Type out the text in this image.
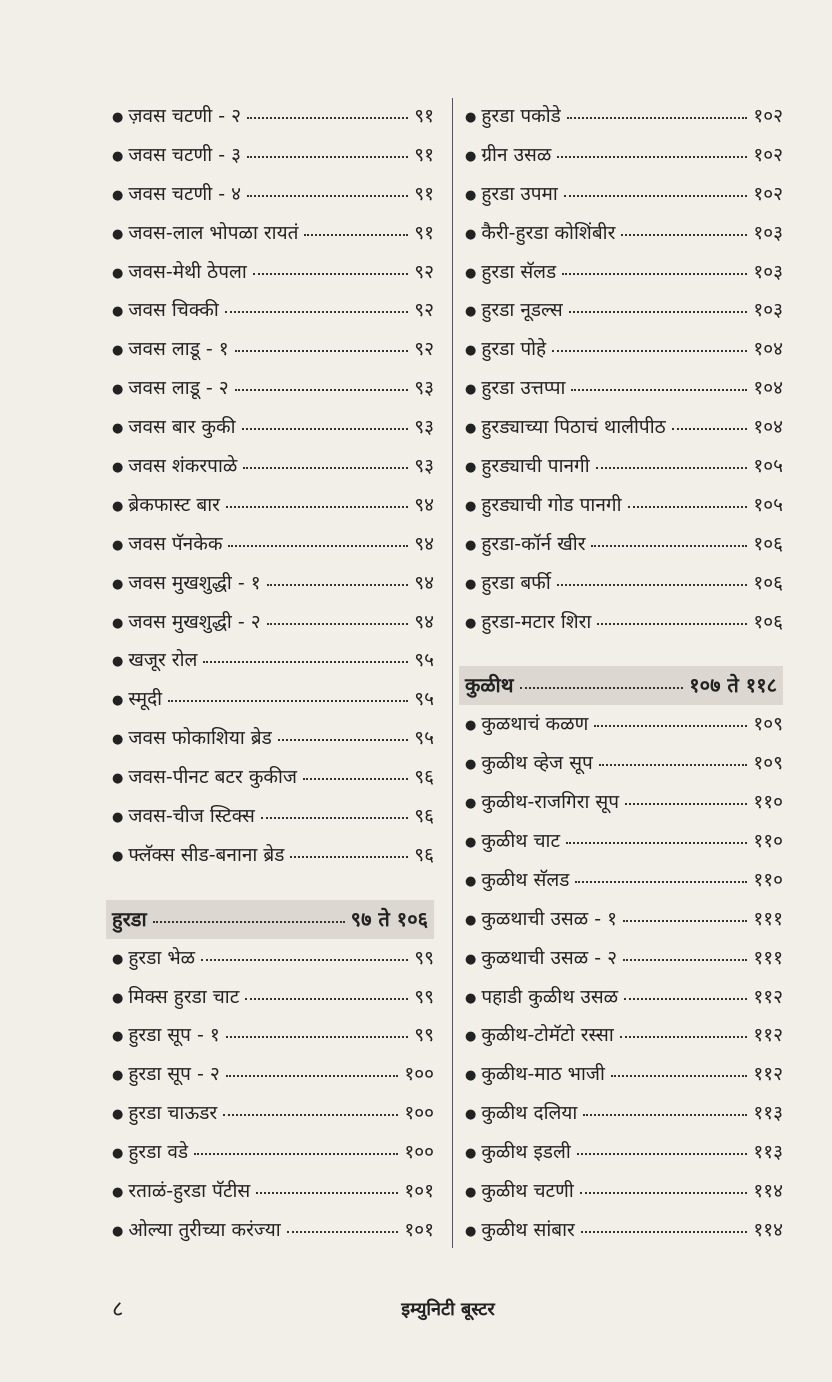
● ज़वस चटणी - २	९१
● जवस चटणी - ३	९१
● जवस चटणी - ४	९१
● जवस-लाल भोपळा रायतं	९१
● जवस-मेथी ठेपला	९२
● जवस चिक्की	९२
● जवस लाडू - १	९२
● जवस लाडू - २	९३
● जवस बार कुकी	९३
● जवस शंकरपाळे	९३
● ब्रेकफास्ट बार	९४
● जवस पॅनकेक	९४
● जवस मुखशुद्धी - १	९४
● जवस मुखशुद्धी - २	९४
● खजूर रोल	९५
● स्मूदी	९५
● जवस फोकाशिया ब्रेड	९५
● जवस-पीनट बटर कुकीज	९६
● जवस-चीज स्टिक्स	९६
● फ्लॅक्स सीड-बनाना ब्रेड	९६
हुरडा	९७ ते १०६
● हुरडा भेळ	९९
● मिक्स हुरडा चाट	९९
● हुरडा सूप - १	९९
● हुरडा सूप - २	१००
● हुरडा चाऊडर	१००
● हुरडा वडे	१००
● रताळं-हुरडा पॅटीस	१०१
● ओल्या तुरीच्या करंज्या	१०१
● हुरडा पकोडे	१०२
● ग्रीन उसळ	१०२
● हुरडा उपमा	१०२
● कैरी-हुरडा कोशिंबीर	१०३
● हुरडा सॅलड	१०३
● हुरडा नूडल्स	१०३
● हुरडा पोहे	१०४
● हुरडा उत्तप्पा	१०४
● हुरड्याच्या पिठाचं थालीपीठ	१०४
● हुरड्याची पानगी	१०५
● हुरड्याची गोड पानगी	१०५
● हुरडा-कॉर्न खीर	१०६
● हुरडा बर्फी	१०६
● हुरडा-मटार शिरा	१०६
कुळीथ	१०७ ते ११८
● कुळथाचं कळण	१०९
● कुळीथ व्हेज सूप	१०९
● कुळीथ-राजगिरा सूप	११०
● कुळीथ चाट	११०
● कुळीथ सॅलड	११०
● कुळथाची उसळ - १	१११
● कुळथाची उसळ - २	१११
● पहाडी कुळीथ उसळ	११२
● कुळीथ-टोमॅटो रस्सा	११२
● कुळीथ-माठ भाजी	११२
● कुळीथ दलिया	११३
● कुळीथ इडली	११३
● कुळीथ चटणी	११४
● कुळीथ सांबार	११४
८	इम्युनिटी बूस्टर
